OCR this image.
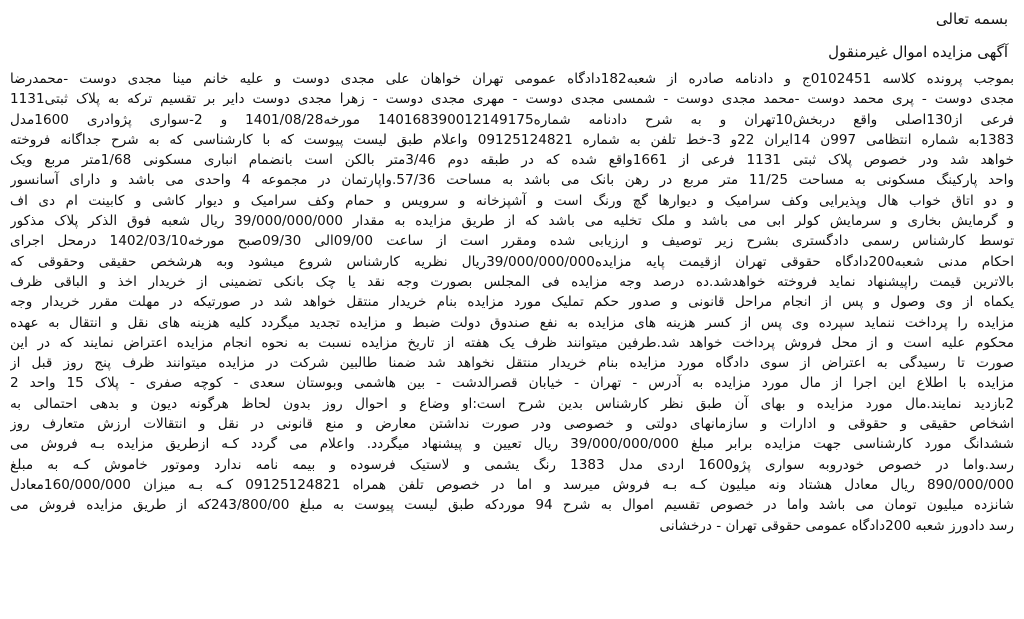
بسمه تعالی
آگهی مزایده اموال غیرمنقول
بموجب پرونده کلاسه 0102451ج و دادنامه صادره از شعبه182دادگاه عمومی تهران خواهان علی مجدی دوست و علیه خانم مینا مجدی دوست -محمدرضا
مجدی دوست - پری محمد دوست -محمد مجدی دوست - شمسی مجدی دوست - مهری مجدی دوست - زهرا مجدی دوست دایر بر تقسیم ترکه به پلاک ثبتی1131
فرعی از130اصلی واقع دربخش10تهران و به شرح دادنامه شماره140168390012149175 مورخه1401/08/28 و 2-سواری پژوادری 1600مدل
1383به شماره انتظامی 997ن 14ایران 22و 3-خط تلفن به شماره 09125124821 واعلام طبق لیست پیوست که با کارشناسی که به شرح جداگانه فروخته
خواهد شد ودر خصوص پلاک ثبتی 1131 فرعی از 1661واقع شده که در طبقه دوم 3/46متر بالکن است بانضمام انباری مسکونی 1/68متر مربع ویک
واحد پارکینگ مسکونی به مساحت 11/25 متر مربع در رهن بانک می باشد به مساحت 57/36.واپارتمان در مجموعه 4 واحدی می باشد و دارای آسانسور
و دو اتاق خواب هال وپذیرایی وکف سرامیک و دیوارها گچ ورنگ است و آشپزخانه و سرویس و حمام وکف سرامیک و دیوار کاشی و کابینت ام دی اف
و گرمایش بخاری و سرمایش کولر ابی می باشد و ملک تخلیه می باشد که از طریق مزایده به مقدار 39/000/000/000 ریال شعبه فوق الذکر پلاک مذکور
توسط کارشناس رسمی دادگستری بشرح زیر توصیف و ارزیابی شده ومقرر است از ساعت 09/00الی 09/30صبح مورخه1402/03/10 درمحل اجرای
احکام مدنی شعبه200دادگاه حقوقی تهران ازقیمت پایه مزایده39/000/000/000ریال نظریه کارشناس شروع میشود وبه هرشخص حقیقی وحقوقی که
بالاترین قیمت راپیشنهاد نماید فروخته خواهدشد.ده درصد وجه مزایده فی المجلس بصورت وجه نقد یا چک بانکی تضمینی از خریدار اخذ و الباقی ظرف
یکماه از وی وصول و پس از انجام مراحل قانونی و صدور حکم تملیک مورد مزایده بنام خریدار منتقل خواهد شد در صورتیکه در مهلت مقرر خریدار وجه
مزایده را پرداخت ننماید سپرده وی پس از کسر هزینه های مزایده به نفع صندوق دولت ضبط و مزایده تجدید میگردد کلیه هزینه های نقل و انتقال به عهده
محکوم علیه است و از محل فروش پرداخت خواهد شد.طرفین میتوانند ظرف یک هفته از تاریخ مزایده نسبت به نحوه انجام مزایده اعتراض نمایند که در این
صورت تا رسیدگی به اعتراض از سوی دادگاه مورد مزایده بنام خریدار منتقل نخواهد شد ضمنا طالبین شرکت در مزایده میتوانند ظرف پنج روز قبل از
مزایده با اطلاع این اجرا از مال مورد مزایده به آدرس - تهران - خیابان قصرالدشت - بین هاشمی وبوستان سعدی - کوچه صفری - پلاک 15 واحد 2
2بازدید نمایند.مال مورد مزایده و بهای آن طبق نظر کارشناس بدین شرح است:او وضاع و احوال روز بدون لحاظ هرگونه دیون و بدهی احتمالی به
اشخاص حقیقی و حقوقی و ادارات و سازمانهای دولتی و خصوصی ودر صورت نداشتن معارض و منع قانونی در نقل و انتقالات ارزش متعارف روز
ششدانگ مورد کارشناسی جهت مزایده برابر مبلغ 39/000/000/000 ریال تعیین و پیشنهاد میگردد. واعلام می گردد کـه ازطریق مزایده بـه فروش می
رسد.واما در خصوص خودروبه سواری پژو1600 اردی مدل 1383 رنگ یشمی و لاستیک فرسوده و بیمه نامه ندارد وموتور خاموش کـه به مبلغ
890/000/000 ریال معادل هشتاد ونه میلیون کـه بـه فروش میرسد و اما در خصوص تلفن همراه 09125124821 کـه بـه میزان 160/000/000معادل
شانزده میلیون تومان می باشد واما در خصوص تقسیم اموال به شرح 94 موردکه طبق لیست پیوست به مبلغ 243/800/00که از طریق مزایده فروش می
رسد دادورز شعبه 200دادگاه عمومی حقوقی تهران - درخشانی
